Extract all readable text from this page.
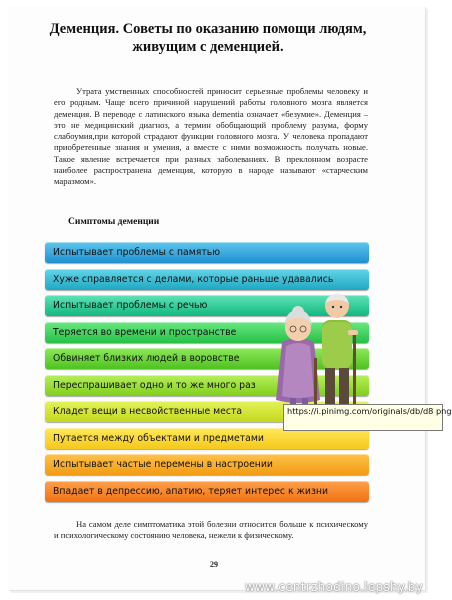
Деменция. Советы по оказанию помощи людям, живущим с деменцией.

Утрата умственных способностей приносит серьезные проблемы человеку и его родным. Чаще всего причиной нарушений работы головного мозга является деменция. В переводе с латинского языка dementia означает «безумие». Деменция – это не медицинский диагноз, а термин обобщающий проблему разума, форму слабоумия,при которой страдают функции головного мозга. У человека пропадают приобретенные знания и умения, а вместе с ними возможность получать новые. Такое явление встречается при разных заболеваниях. В преклонном возрасте наиболее распространена деменция, которую в народе называют «старческим маразмом».

Симптомы деменции
Испытывает проблемы с памятью
Хуже справляется с делами, которые раньше удавались
Испытывает проблемы с речью
Теряется во времени и пространстве
Обвиняет близких людей в воровстве
Переспрашивает одно и то же много раз
Кладет вещи в несвойственные места
Путается между объектами и предметами
Испытывает частые перемены в настроении
Впадает в депрессию, апатию, теряет интерес к жизни
https://i.pinimg.com/originals/db/d8 png

На самом деле симптоматика этой болезни относится больше к психическому и психологическому состоянию человека, нежели к физическому.

29
www.centrzhodino.lepshy.by
